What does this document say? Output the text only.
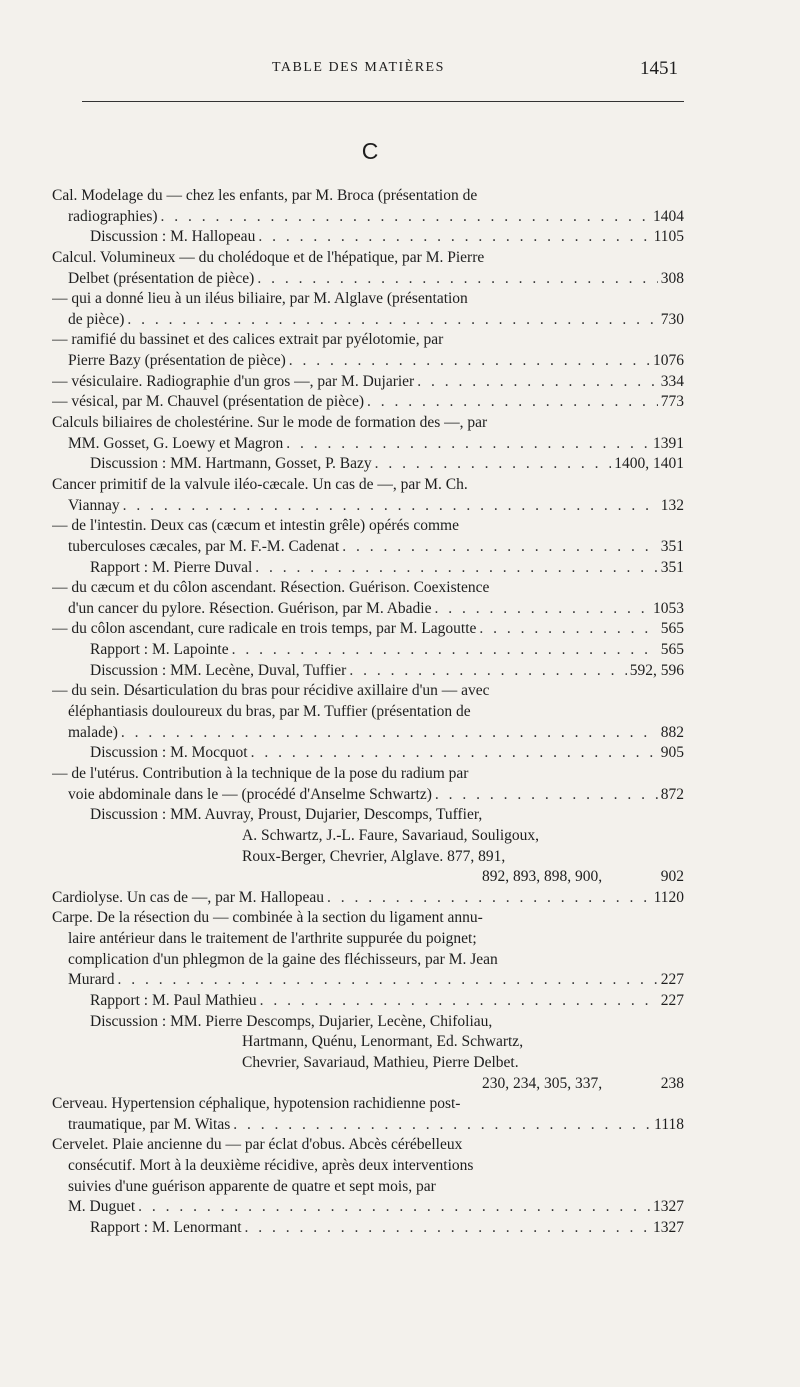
TABLE DES MATIÈRES	1451
C
Cal. Modelage du — chez les enfants, par M. Broca (présentation de
radiographies) . . .	1404
Discussion : M. Hallopeau . . .	1105
Calcul. Volumineux — du cholédoque et de l'hépatique, par M. Pierre
Delbet (présentation de pièce) . . .	308
— qui a donné lieu à un iléus biliaire, par M. Alglave (présentation
de pièce) . . .	730
— ramifié du bassinet et des calices extrait par pyélotomie, par
Pierre Bazy (présentation de pièce) . . .	1076
— vésiculaire. Radiographie d'un gros —, par M. Dujarier . . .	334
— vésical, par M. Chauvel (présentation de pièce) . . .	773
Calculs biliaires de cholestérine. Sur le mode de formation des —, par
MM. Gosset, G. Loewy et Magron . . .	1391
Discussion : MM. Hartmann, Gosset, P. Bazy . . .	1400, 1401
Cancer primitif de la valvule iléo-cæcale. Un cas de —, par M. Ch.
Viannay . . .	132
— de l'intestin. Deux cas (cæcum et intestin grêle) opérés comme
tuberculoses cæcales, par M. F.-M. Cadenat . . .	351
Rapport : M. Pierre Duval . . .	351
— du cæcum et du côlon ascendant. Résection. Guérison. Coexistence
d'un cancer du pylore. Résection. Guérison, par M. Abadie . . .	1053
— du côlon ascendant, cure radicale en trois temps, par M. Lagoutte . . .	565
Rapport : M. Lapointe . . .	565
Discussion : MM. Lecène, Duval, Tuffier . . .	592, 596
— du sein. Désarticulation du bras pour récidive axillaire d'un — avec
éléphantiasis douloureux du bras, par M. Tuffier (présentation de
malade) . . .	882
Discussion : M. Mocquot . . .	905
— de l'utérus. Contribution à la technique de la pose du radium par
voie abdominale dans le — (procédé d'Anselme Schwartz) . . .	872
Discussion : MM. Auvray, Proust, Dujarier, Descomps, Tuffier,
A. Schwartz, J.-L. Faure, Savariaud, Souligoux,
Roux-Berger, Chevrier, Alglave. 877, 891,
892, 893, 898, 900,	902
Cardiolyse. Un cas de —, par M. Hallopeau . . .	1120
Carpe. De la résection du — combinée à la section du ligament annu-
laire antérieur dans le traitement de l'arthrite suppurée du poignet;
complication d'un phlegmon de la gaine des fléchisseurs, par M. Jean
Murard . . .	227
Rapport : M. Paul Mathieu . . .	227
Discussion : MM. Pierre Descomps, Dujarier, Lecène, Chifoliau,
Hartmann, Quénu, Lenormant, Ed. Schwartz,
Chevrier, Savariaud, Mathieu, Pierre Delbet.
230, 234, 305, 337,	238
Cerveau. Hypertension céphalique, hypotension rachidienne post-
traumatique, par M. Witas . . .	1118
Cervelet. Plaie ancienne du — par éclat d'obus. Abcès cérébelleux
consécutif. Mort à la deuxième récidive, après deux interventions
suivies d'une guérison apparente de quatre et sept mois, par
M. Duguet . . .	1327
Rapport : M. Lenormant . . .	1327
